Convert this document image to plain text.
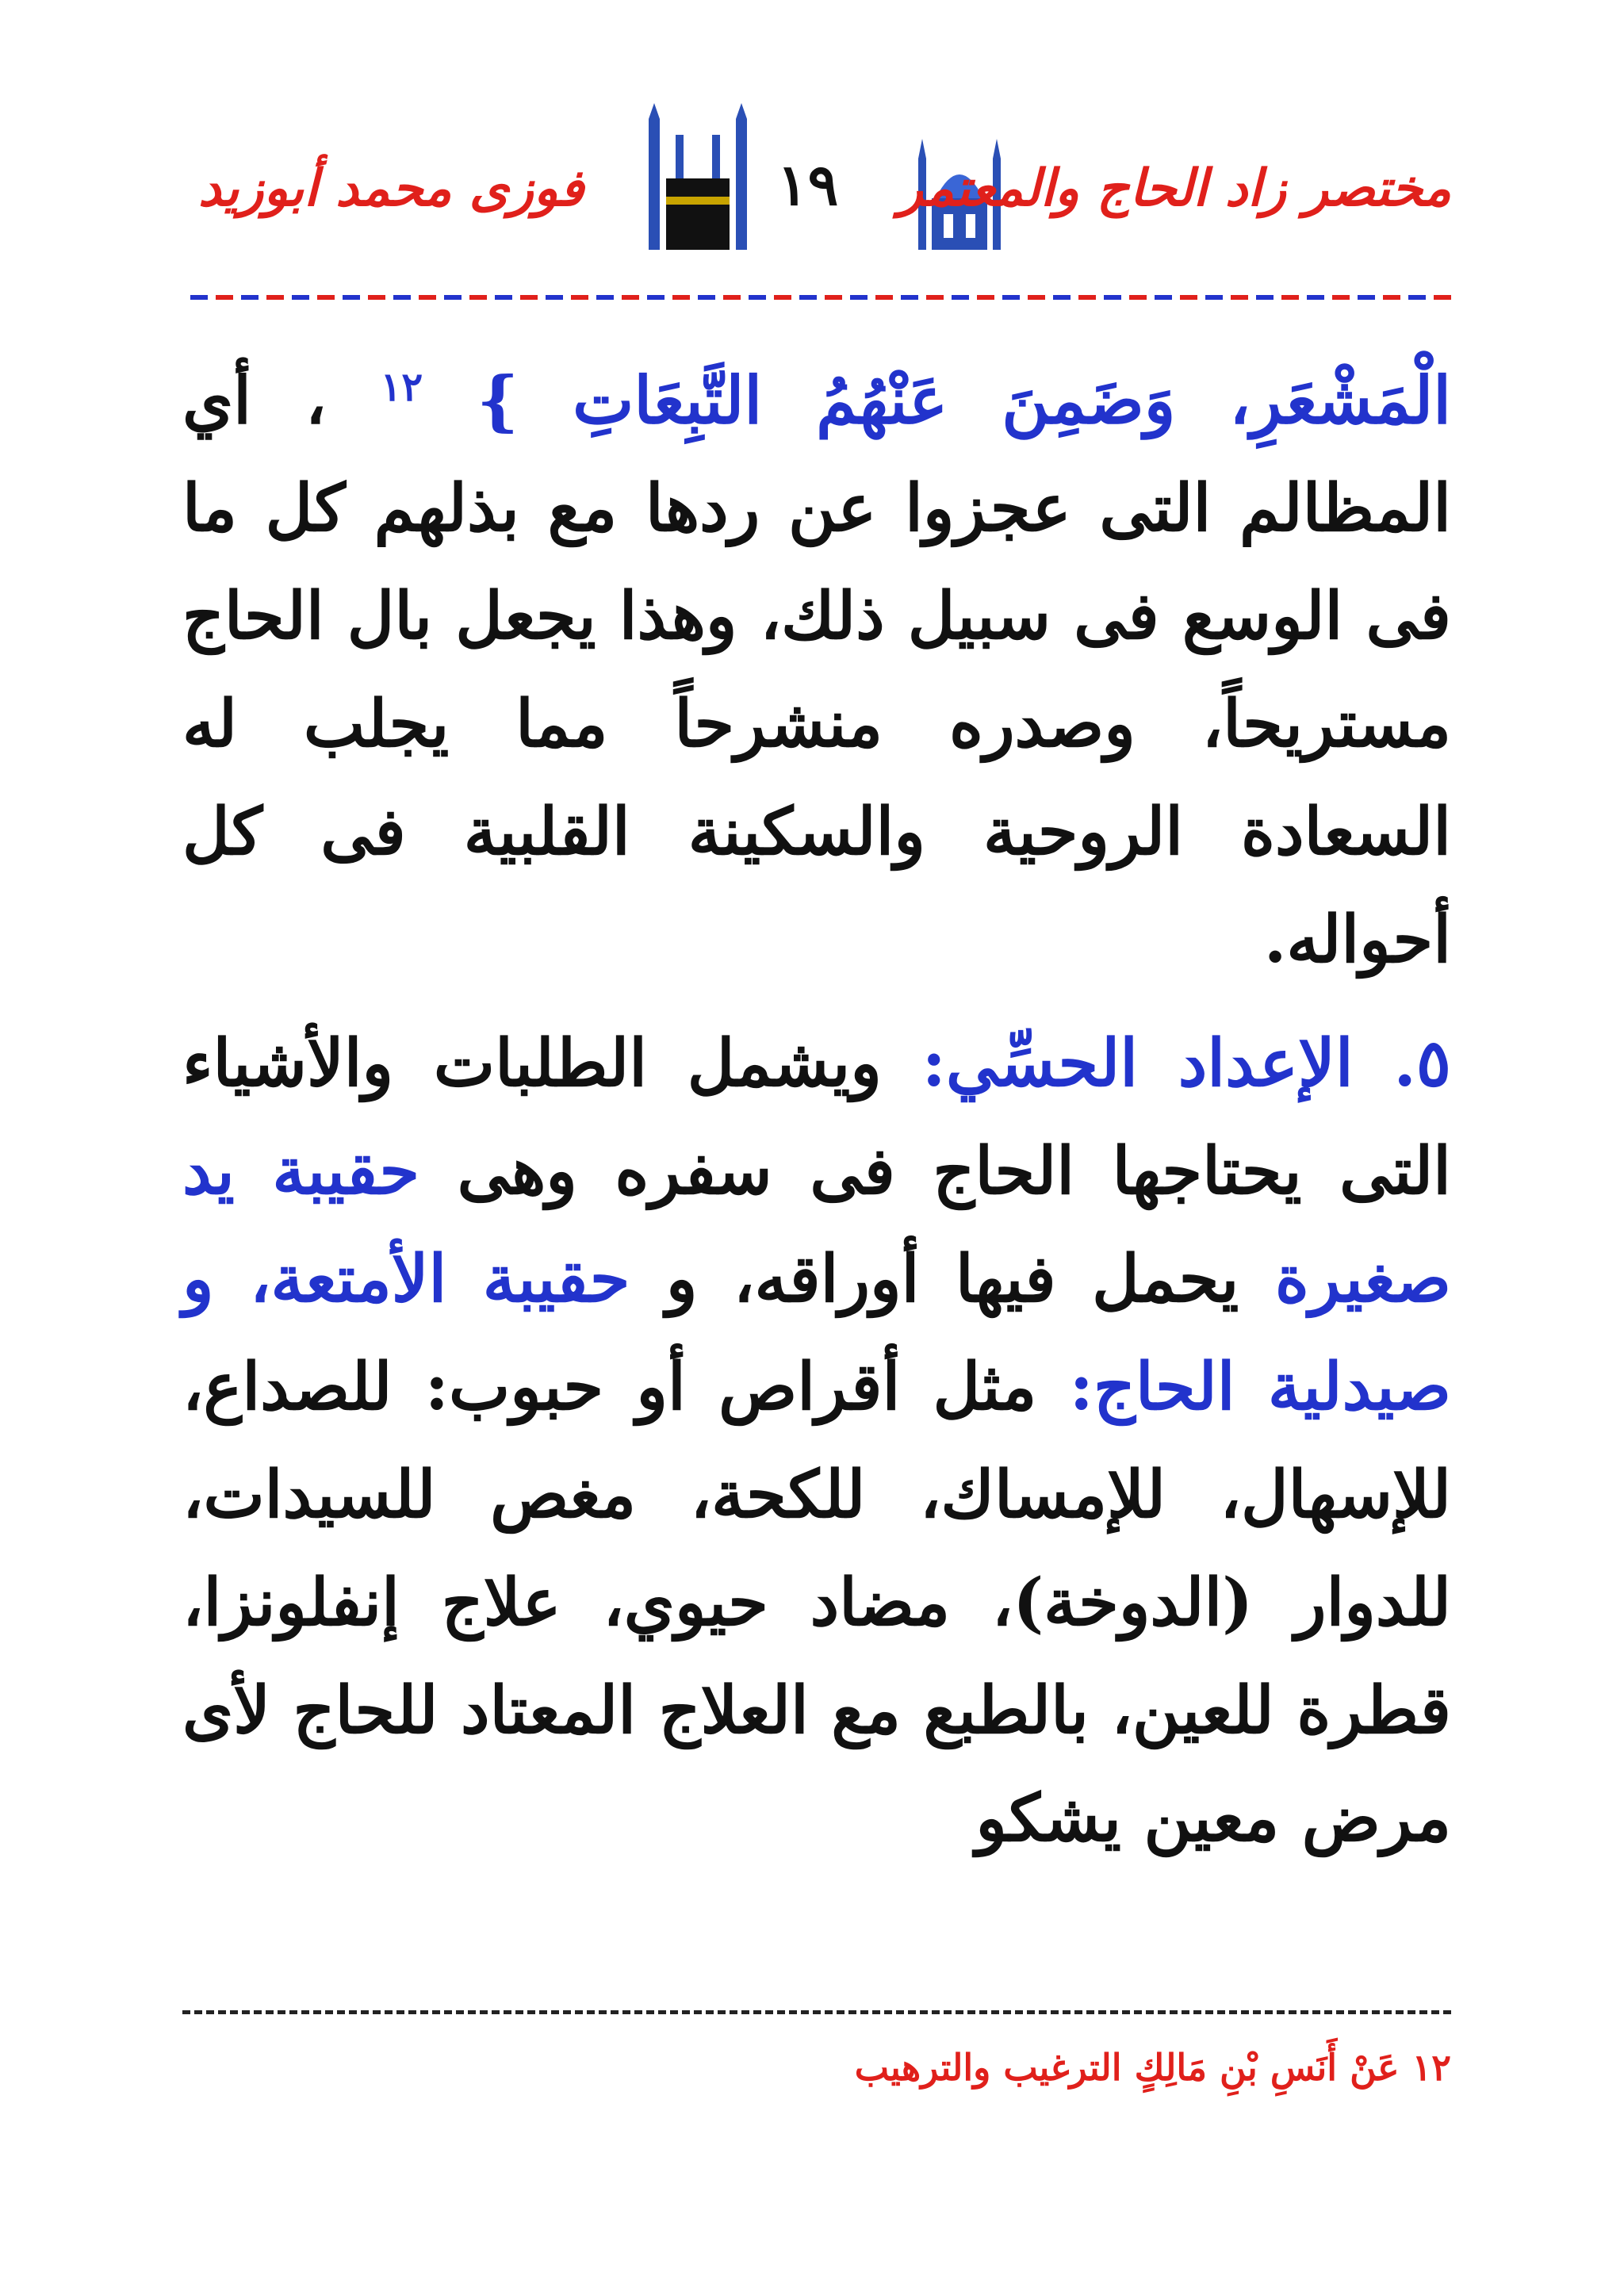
فوزى محمد أبوزيد	١٩ مختصر زاد الحاج والمعتمر

الْمَشْعَرِ، وَضَمِنَ عَنْهُمُ التَّبِعَاتِ } $^{١٢}$ ، أي المظالم التى عجزوا عن ردها مع بذلهم كل ما فى الوسع فى سبيل ذلك، وهذا يجعل بال الحاج مستريحاً، وصدره منشرحاً مما يجلب له السعادة الروحية والسكينة القلبية فى كل أحواله.

٥. الإعداد الحسِّي: ويشمل الطلبات والأشياء التى يحتاجها الحاج فى سفره وهى حقيبة يد صغيرة يحمل فيها أوراقه، و حقيبة الأمتعة، و صيدلية الحاج: مثل أقراص أو حبوب: للصداع، للإسهال، للإمساك، للكحة، مغص للسيدات، للدوار (الدوخة)، مضاد حيوي، علاج إنفلونزا، قطرة للعين، بالطبع مع العلاج المعتاد للحاج لأى مرض معين يشكو

١٢ عَنْ أَنَسِ بْنِ مَالِكٍ الترغيب والترهيب
